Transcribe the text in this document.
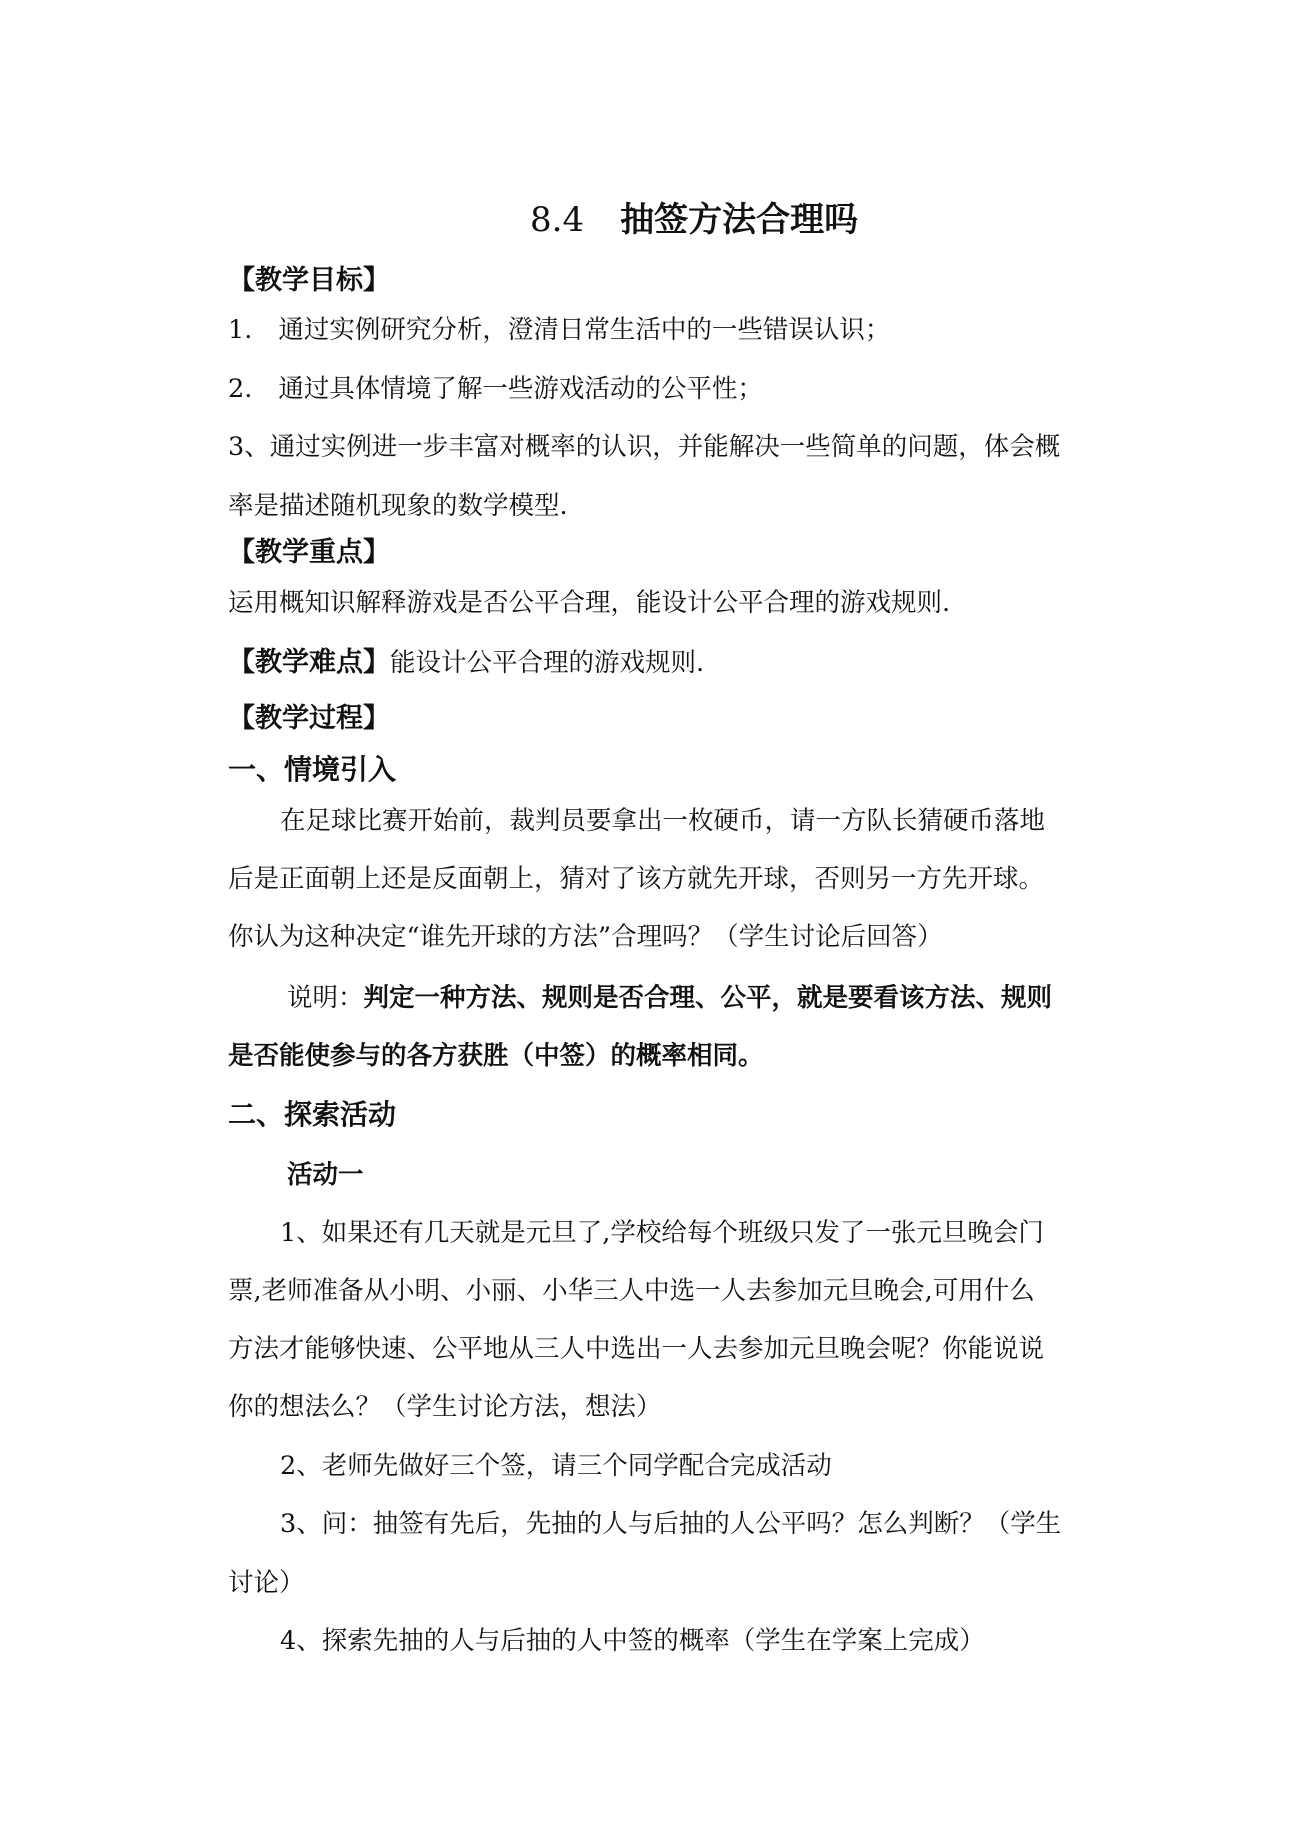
8.4 抽签方法合理吗
【教学目标】
1. 通过实例研究分析，澄清日常生活中的一些错误认识；
2. 通过具体情境了解一些游戏活动的公平性；
3、通过实例进一步丰富对概率的认识，并能解决一些简单的问题，体会概
率是描述随机现象的数学模型.
【教学重点】
运用概知识解释游戏是否公平合理，能设计公平合理的游戏规则.
【教学难点】能设计公平合理的游戏规则.
【教学过程】
一、情境引入
在足球比赛开始前，裁判员要拿出一枚硬币，请一方队长猜硬币落地
后是正面朝上还是反面朝上，猜对了该方就先开球，否则另一方先开球。
你认为这种决定“谁先开球的方法”合理吗？（学生讨论后回答）
说明：判定一种方法、规则是否合理、公平，就是要看该方法、规则
是否能使参与的各方获胜（中签）的概率相同。
二、探索活动
活动一
1、如果还有几天就是元旦了,学校给每个班级只发了一张元旦晚会门
票,老师准备从小明、小丽、小华三人中选一人去参加元旦晚会,可用什么
方法才能够快速、公平地从三人中选出一人去参加元旦晚会呢？你能说说
你的想法么？（学生讨论方法，想法）
2、老师先做好三个签，请三个同学配合完成活动
3、问：抽签有先后，先抽的人与后抽的人公平吗？怎么判断？（学生
讨论）
4、探索先抽的人与后抽的人中签的概率（学生在学案上完成）
